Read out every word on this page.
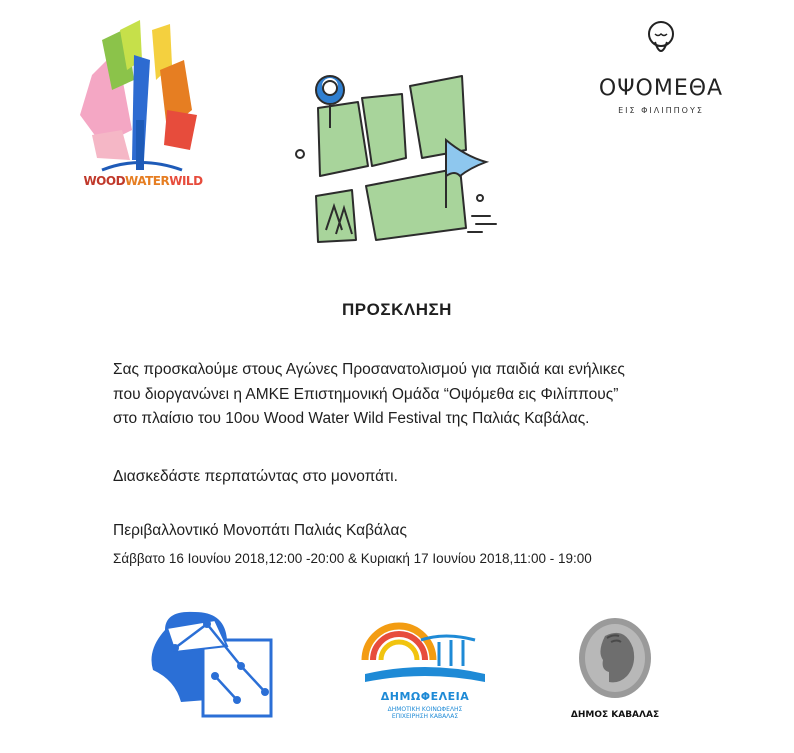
WOODWATERWILD
ΟΨΟΜΕΘΑ
ΕΙΣ ΦΙΛΙΠΠΟΥΣ
ΠΡΟΣΚΛΗΣΗ
Σας προσκαλούμε στους Αγώνες Προσανατολισμού για παιδιά και ενήλικες
που διοργανώνει η ΑΜΚΕ Επιστημονική Ομάδα “Οψόμεθα εις Φιλίππους”
στο πλαίσιο του 10ου Wood Water Wild Festival της Παλιάς Καβάλας.
Διασκεδάστε περπατώντας στο μονοπάτι.
Περιβαλλοντικό Μονοπάτι Παλιάς Καβάλας
Σάββατο 16 Ιουνίου 2018,12:00 -20:00 & Κυριακή 17 Ιουνίου 2018,11:00 - 19:00
ΔΗΜΩΦΕΛΕΙΑ
ΔΗΜΟΤΙΚΗ ΚΟΙΝΩΦΕΛΗΣ
ΕΠΙΧΕΙΡΗΣΗ ΚΑΒΑΛΑΣ	ΔΗΜΟΣ ΚΑΒΑΛΑΣ
